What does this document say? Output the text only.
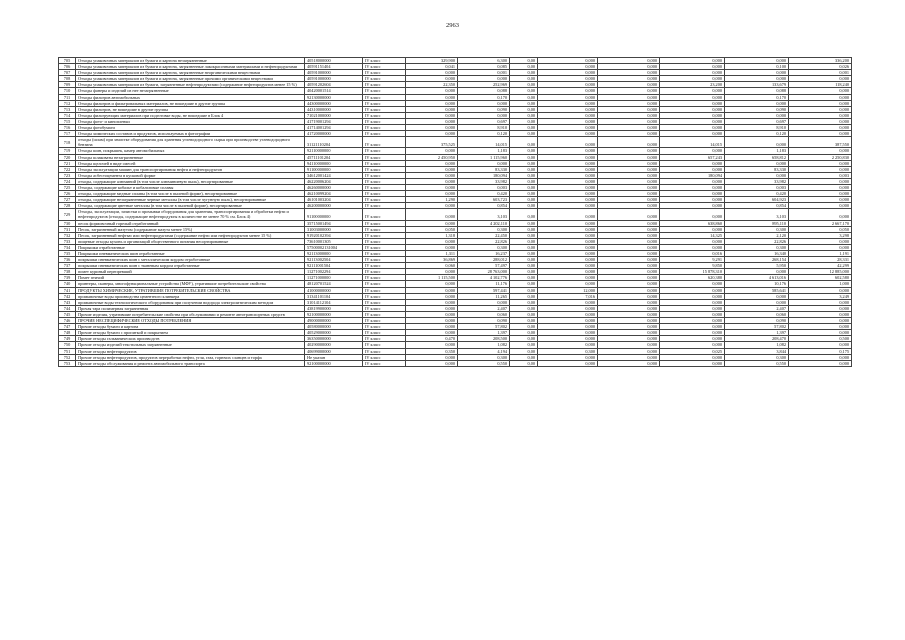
2963
705	Отходы упаковочных материалов из бумаги и картона незагрязненные	40518000000	IV класс	329,900	6,300	0,00	0,000	0,000	0,000	0,000	336,200
706	Отходы упаковочных материалов из бумаги и картона, загрязненные лакокрасочными материалами и нефтепродуктами	40591151404	IV класс	0,041	0,085	0,00	0,000	0,000	0,000	0,100	0,026
707	Отходы упаковочных материалов из бумаги и картона, загрязненные неорганическими веществами	40591000000	IV класс	0,000	0,001	0,00	0,000	0,000	0,000	0,000	0,001
708	Отходы упаковочных материалов из бумаги и картона, загрязненные прочими органическими веществами	40591000000	IV класс	0,000	0,000	0,00	0,000	0,000	0,000	0,000	0,000
709	Отходы упаковочных материалов из бумаги, загрязненные нефтепродуктами (содержание нефтепродуктов менее 15 %)	40591202604	IV класс	22,350	252,969	0,00	0,000	0,000	23,200	133,679	118,240
710	Отходы фанеры и изделий из нее незагрязненные	40420001514	IV класс	0,000	0,088	0,00	0,000	0,000	0,000	0,088	0,000
711	Отходы фильтров автомобильных	92130000000	IV класс	0,000	0,170	0,00	0,000	0,000	0,000	0,170	0,000
712	Отходы фильтров и фильтровальных материалов, не вошедшие в другие группы	44300000000	IV класс	0,000	0,000	0,00	0,000	0,000	0,000	0,000	0,000
713	Отходы фильтров, не вошедшие в другие группы	44310000000	IV класс	0,000	0,090	0,00	0,000	0,000	0,000	0,090	0,000
714	Отходы фильтрующих материалов при подготовке воды, не вошедшие в Блок 4	71021000000	IV класс	0,000	0,000	0,00	0,000	0,000	0,000	0,000	0,000
715	Отходы фото- и кинопленки	41719001294	IV класс	0,000	0,697	0,00	0,000	0,000	0,000	0,697	0,000
716	Отходы фотобумаги	41714001294	IV класс	0,000	8,910	0,00	0,000	0,000	0,000	8,910	0,000
717	Отходы химических составов и продуктов, используемых в фотографии	41720000000	IV класс	0,000	0,120	0,00	0,000	0,000	0,000	0,120	0,000
718	отходы (шлам) при зачистке оборудования для хранения углеводородного сырья при производстве углеводородного бензина	31121110204	IV класс	375,525	14,015	0,00	0,000	0,000	14,015	0,000	387,550
719	Отходы шин, покрышек, камер автомобильных	92110000000	IV класс	0,000	1,183	0,00	0,000	0,000	0,000	1,183	0,000
720	Отходы шлаковаты незагрязненные	45711101204	IV класс	2 450,950	1 115,960	0,00	0,000	0,000	657,243	658,812	2 250,830
721	Отходы щелочей в виде смесей	94110000000	IV класс	0,000	0,000	0,00	0,000	0,000	0,000	0,000	0,000
722	Отходы эксплуатации машин для транспортирования нефти и нефтепродуктов	91100000000	IV класс	0,000	83,330	0,00	0,000	0,000	0,000	83,330	0,000
723	Отходы асбестоцемента в кусковой форме	34612001424	IV класс	0,000	180,094	0,00	0,000	0,000	180,094	0,000	0,003
724	отходы, содержащие алюминий (в том числе алюминиевую пыль), несортированные	46220006204	IV класс	0,000	33,982	0,00	0,000	0,000	0,000	33,982	0,000
725	Отходы, содержащие кобальт и кобальтовые сплавы	46260000000	IV класс	0,000	0,003	0,00	0,000	0,000	0,000	0,003	0,000
726	отходы, содержащие медные сплавы (в том числе в пылевой форме), несортированные	46210099204	IV класс	0,000	0,420	0,00	0,000	0,000	0,000	0,420	0,000
727	отходы, содержащие незагрязненные черные металлы (в том числе чугунную пыль), несортированные	46101003204	IV класс	1,290	603,723	0,00	0,000	0,000	0,000	604,923	0,000
728	Отходы, содержащие цветные металлы (в том числе в пылевой форме), несортированные	46200000000	IV класс	0,000	0,854	0,00	0,000	0,000	0,000	0,854	0,000
729	Отходы, эксплуатации, зачистки и промывки оборудования для хранения, транспортирования и обработки нефти и нефтепродуктов (отходы, содержащие нефтепродукты в количестве не менее 70 % см. Блок 4)	91100000000	IV класс	0,000	3,103	0,00	0,000	0,000	0,000	3,103	0,000
730	песок формовочный горелый отработанный	35715001494	IV класс	0,000	4 202,110	0,00	0,000	0,000	638,860	895,110	2 667,170
731	Песок, загрязненный мазутом (содержание мазута менее 15%)	31003000000	IV класс	0,050	0,300	0,00	0,000	0,000	0,000	0,300	0,050
732	Песок, загрязненный нефтью или нефтепродуктами (содержание нефти или нефтепродуктов менее 15 %)	91920102394	IV класс	1,318	22,450	0,00	0,000	0,000	14,325	2,120	3,298
733	пищевые отходы кухонь и организаций общественного питания несортированные	73610001305	IV класс	0,000	22,826	0,00	0,000	0,000	0,000	22,826	0,000
734	Покрышки отработанные	57500002131004	IV класс	0,000	0,300	0,00	0,000	0,000	0,000	0,300	0,000
735	Покрышки пневматических шин отработанные	92113000000	IV класс	1,311	16,237	0,00	0,000	0,000	0,016	16,340	1,191
736	покрышки пневматических шин с металлическим кордом отработанные	92113002504	IV класс	36,869	288,012	0,00	0,000	0,000	9,291	268,154	28,331
737	покрышки пневматических шин с тканевым кордом отработанные	92111001504	IV класс	0,060	57,497	0,00	0,000	0,000	9,850	5,950	42,299
738	помет куриный перепревший	11271002294	IV класс	0,000	28 763,000	0,00	0,000	0,000	15 878,310	0,000	12 885,000
739	Помет птичий	11271000000	IV класс	1 115,500	4 102,776	0,00	0,000	0,000	620,380	4 613,016	602,580
740	принтеры, сканеры, многофункциональные устройства (МФУ), утратившие потребительские свойства	48120701524	IV класс	0,000	11,176	0,00	0,000	0,000	0,000	10,176	1,000
741	ПРОДУКТЫ ХИМИЧЕСКИЕ, УТРАТИВШИЕ ПОТРЕБИТЕЛЬСКИЕ СВОЙСТВА	41000000000	IV класс	0,000	597,441	0,00	12,000	0,000	0,000	585,641	0,000
742	промывочные воды производства цементного клинкера	31341101104	IV класс	0,000	11,265	0,00	7,016	0,000	0,000	0,000	3,249
743	промывочные воды технологического оборудования при получении водорода электролитическим методом	31014112104	IV класс	0,000	0,000	0,00	0,000	0,000	0,000	0,000	0,000
744	Прочая тара полимерная загрязненная	43819900000	IV класс	0,000	2,407	0,00	0,000	0,000	0,000	2,407	0,000
745	Прочие изделия, утратившие потребительские свойства при обслуживании и ремонте автотранспортных средств	92100000000	IV класс	0,000	0,060	0,00	0,000	0,000	0,000	0,060	0,000
746	ПРОЧИЕ НЕСПЕЦИФИЧЕСКИЕ ОТХОДЫ ПОТРЕБЛЕНИЯ	49000000000	IV класс	0,000	0,090	0,00	0,000	0,000	0,000	0,090	0,000
747	Прочие отходы бумаги и картона	40580000000	IV класс	0,000	57,802	0,00	0,000	0,000	0,000	57,802	0,000
748	Прочие отходы бумаги с пропиткой и покрытием	40529000000	IV класс	0,000	1,397	0,00	0,000	0,000	0,000	1,397	0,000
749	Прочие отходы гальванических производств	36350000000	IV класс	0,470	208,500	0,00	0,000	0,000	0,000	208,470	0,500
750	Прочие отходы изделий текстильных загрязненные	40290000000	IV класс	0,000	1,082	0,00	0,000	0,000	0,000	1,082	0,000
751	Прочие отходы нефтепродуктов	40699000000	IV класс	0,350	4,194	0,00	0,300	0,000	0,025	3,844	0,175
752	Прочие отходы нефтепродуктов, продуктов переработки нефти, угля, газа, горючих сланцев и торфа	Не указан	IV класс	0,000	0,300	0,00	0,000	0,000	0,000	0,300	0,000
753	Прочие отходы обслуживания и ремонта автомобильного транспорта	92100000000	IV класс	0,000	0,550	0,00	0,000	0,000	0,000	0,550	0,000
